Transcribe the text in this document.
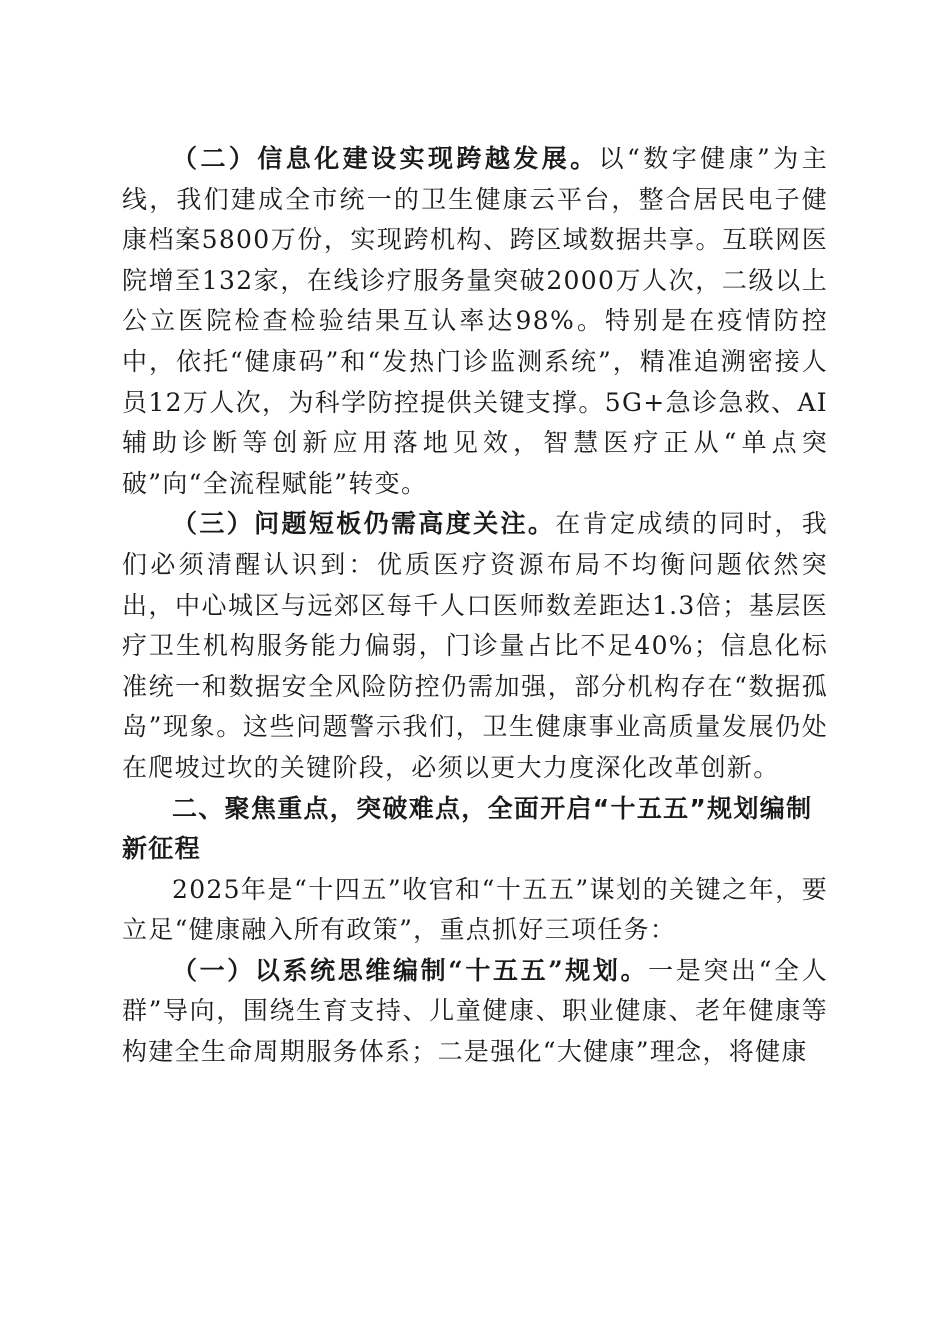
（二）信息化建设实现跨越发展。以“数字健康”为主线，我们建成全市统一的卫生健康云平台，整合居民电子健康档案5800万份，实现跨机构、跨区域数据共享。互联网医院增至132家，在线诊疗服务量突破2000万人次，二级以上公立医院检查检验结果互认率达98%。特别是在疫情防控中，依托“健康码”和“发热门诊监测系统”，精准追溯密接人员12万人次，为科学防控提供关键支撑。5G+急诊急救、AI辅助诊断等创新应用落地见效，智慧医疗正从“单点突破”向“全流程赋能”转变。

（三）问题短板仍需高度关注。在肯定成绩的同时，我们必须清醒认识到：优质医疗资源布局不均衡问题依然突出，中心城区与远郊区每千人口医师数差距达1.3倍；基层医疗卫生机构服务能力偏弱，门诊量占比不足40%；信息化标准统一和数据安全风险防控仍需加强，部分机构存在“数据孤岛”现象。这些问题警示我们，卫生健康事业高质量发展仍处在爬坡过坎的关键阶段，必须以更大力度深化改革创新。

二、聚焦重点，突破难点，全面开启“十五五”规划编制新征程

2025年是“十四五”收官和“十五五”谋划的关键之年，要立足“健康融入所有政策”，重点抓好三项任务：

（一）以系统思维编制“十五五”规划。一是突出“全人群”导向，围绕生育支持、儿童健康、职业健康、老年健康等构建全生命周期服务体系；二是强化“大健康”理念，将健康
